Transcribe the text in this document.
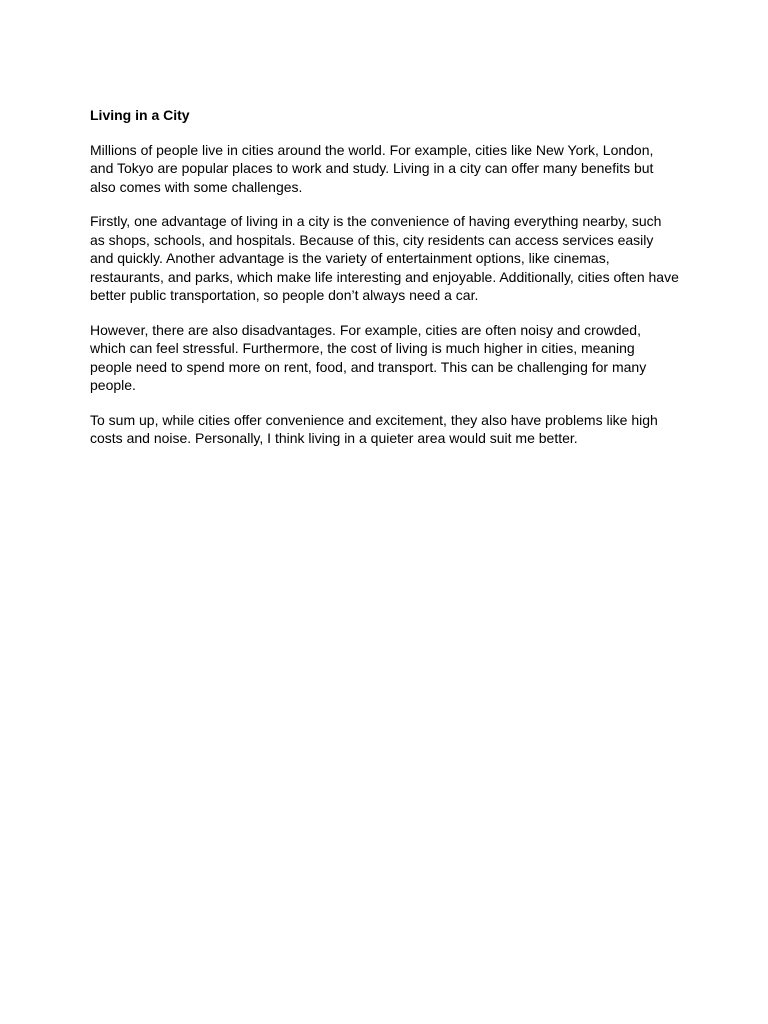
Living in a City

Millions of people live in cities around the world. For example, cities like New York, London, and Tokyo are popular places to work and study. Living in a city can offer many benefits but also comes with some challenges.

Firstly, one advantage of living in a city is the convenience of having everything nearby, such as shops, schools, and hospitals. Because of this, city residents can access services easily and quickly. Another advantage is the variety of entertainment options, like cinemas, restaurants, and parks, which make life interesting and enjoyable. Additionally, cities often have better public transportation, so people don’t always need a car.

However, there are also disadvantages. For example, cities are often noisy and crowded, which can feel stressful. Furthermore, the cost of living is much higher in cities, meaning people need to spend more on rent, food, and transport. This can be challenging for many people.

To sum up, while cities offer convenience and excitement, they also have problems like high costs and noise. Personally, I think living in a quieter area would suit me better.
